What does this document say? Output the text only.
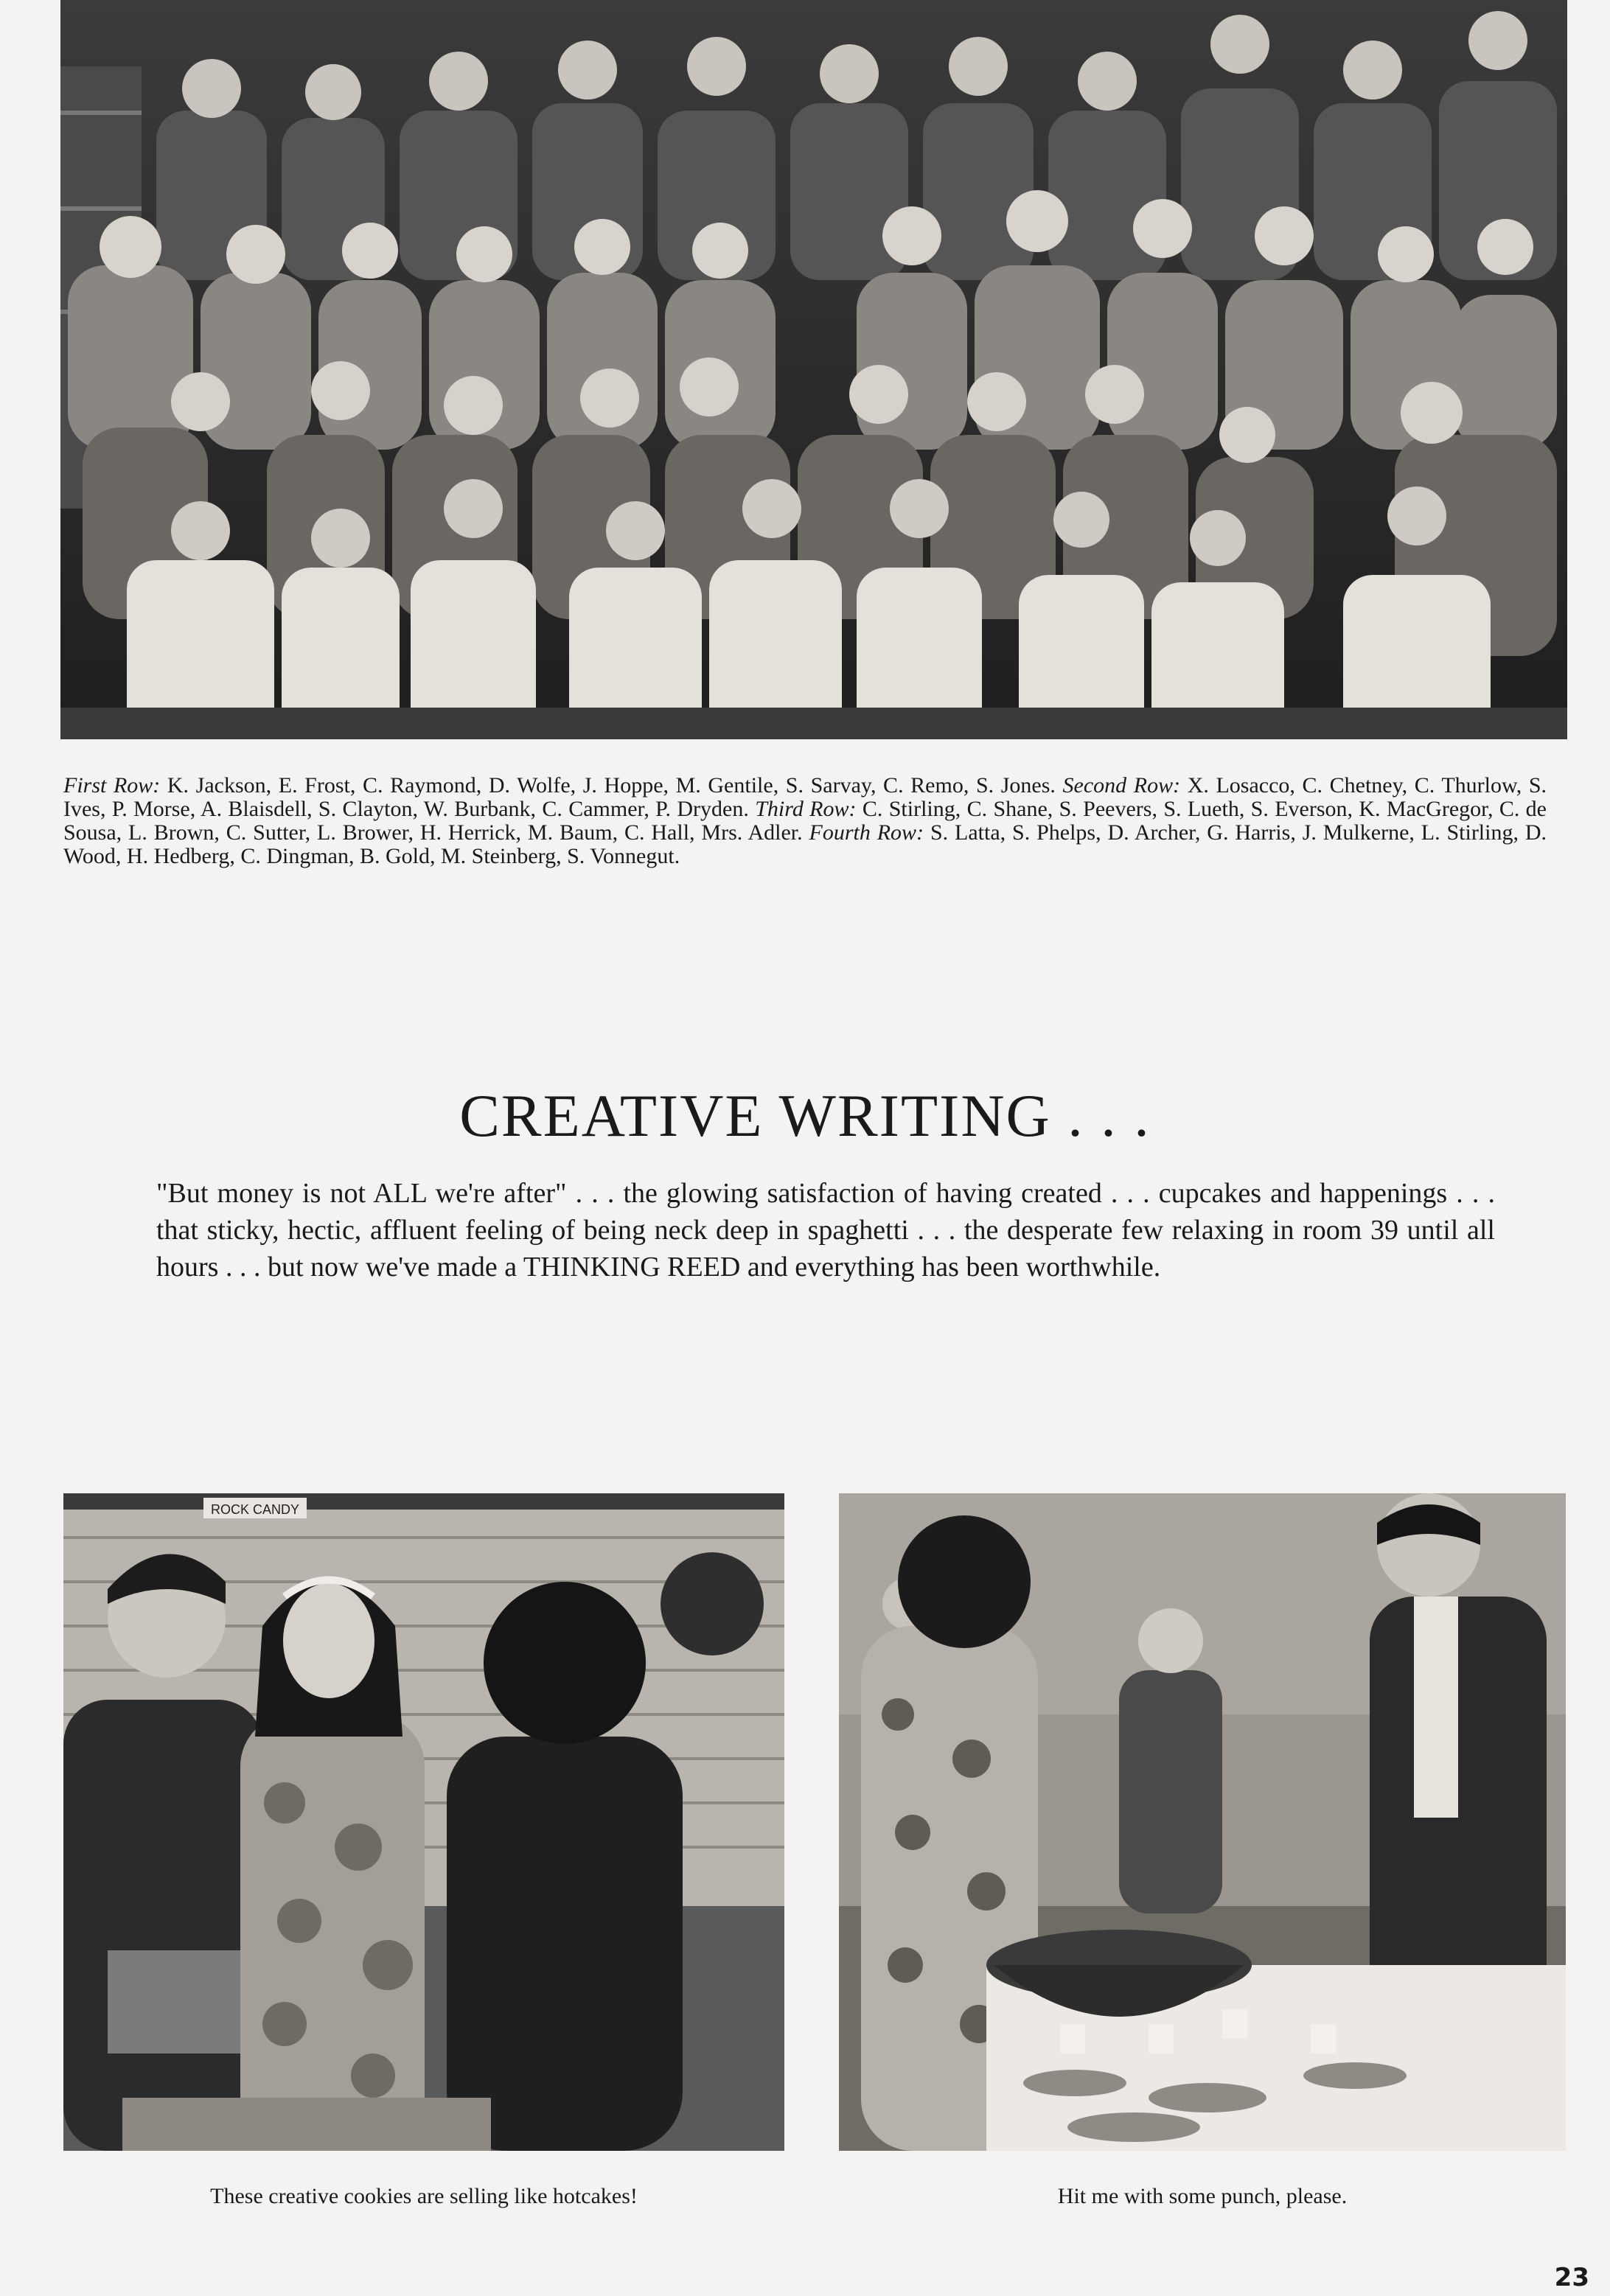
First Row: K. Jackson, E. Frost, C. Raymond, D. Wolfe, J. Hoppe, M. Gentile, S. Sarvay, C. Remo, S. Jones. Second Row: X. Losacco, C. Chetney, C. Thurlow, S. Ives, P. Morse, A. Blaisdell, S. Clayton, W. Burbank, C. Cammer, P. Dryden. Third Row: C. Stirling, C. Shane, S. Peevers, S. Lueth, S. Everson, K. MacGregor, C. de Sousa, L. Brown, C. Sutter, L. Brower, H. Herrick, M. Baum, C. Hall, Mrs. Adler. Fourth Row: S. Latta, S. Phelps, D. Archer, G. Harris, J. Mulkerne, L. Stirling, D. Wood, H. Hedberg, C. Dingman, B. Gold, M. Steinberg, S. Vonnegut.
CREATIVE WRITING . . .

"But money is not ALL we're after" . . . the glowing satisfaction of having created . . . cupcakes and happenings . . . that sticky, hectic, affluent feeling of being neck deep in spaghetti . . . the desperate few relaxing in room 39 until all hours . . . but now we've made a THINKING REED and everything has been worthwhile.

ROCK CANDY
These creative cookies are selling like hotcakes!	Hit me with some punch, please.
23
